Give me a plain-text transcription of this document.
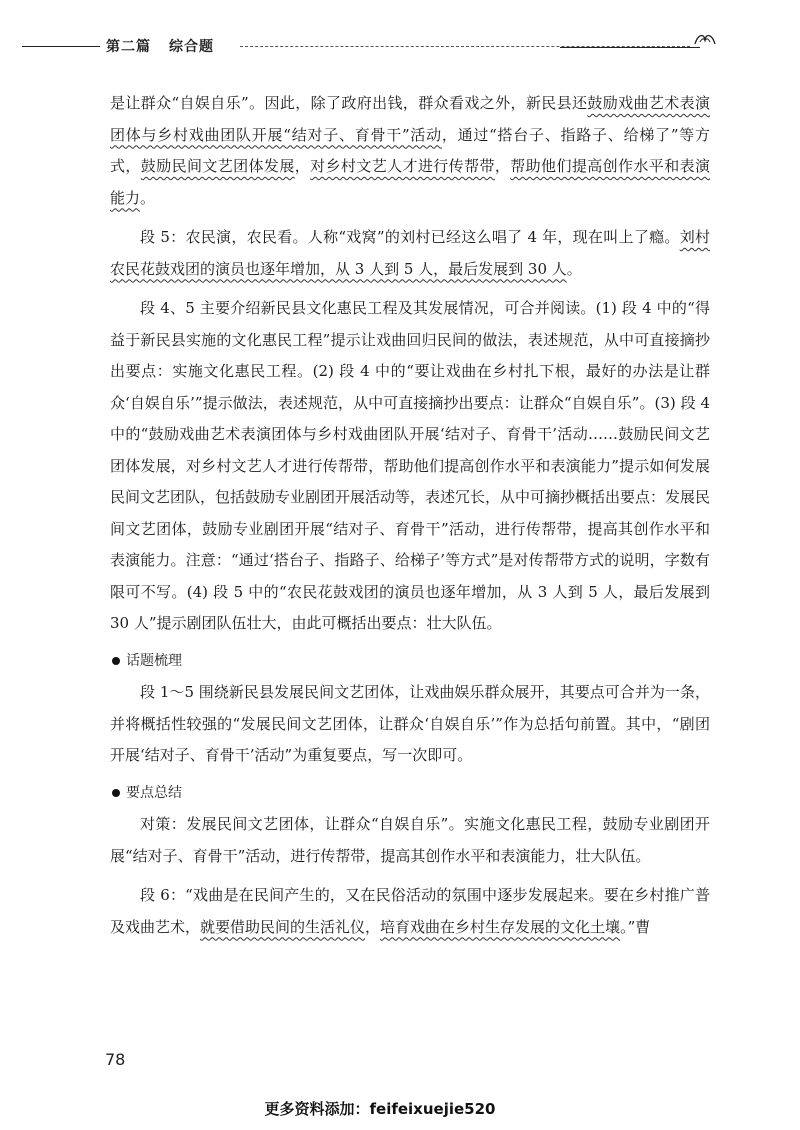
第二篇 综合题

是让群众“自娱自乐”。因此，除了政府出钱，群众看戏之外，新民县还鼓励戏曲艺术表演团体与乡村戏曲团队开展“结对子、育骨干”活动，通过“搭台子、指路子、给梯了”等方式，鼓励民间文艺团体发展，对乡村文艺人才进行传帮带，帮助他们提高创作水平和表演能力。

段 5：农民演，农民看。人称“戏窝”的刘村已经这么唱了 4 年，现在叫上了瘾。刘村农民花鼓戏团的演员也逐年增加，从 3 人到 5 人，最后发展到 30 人。

段 4、5 主要介绍新民县文化惠民工程及其发展情况，可合并阅读。(1) 段 4 中的“得益于新民县实施的文化惠民工程”提示让戏曲回归民间的做法，表述规范，从中可直接摘抄出要点：实施文化惠民工程。(2) 段 4 中的“要让戏曲在乡村扎下根，最好的办法是让群众‘自娱自乐’”提示做法，表述规范，从中可直接摘抄出要点：让群众“自娱自乐”。(3) 段 4 中的“鼓励戏曲艺术表演团体与乡村戏曲团队开展‘结对子、育骨干’活动……鼓励民间文艺团体发展，对乡村文艺人才进行传帮带，帮助他们提高创作水平和表演能力”提示如何发展民间文艺团队，包括鼓励专业剧团开展活动等，表述冗长，从中可摘抄概括出要点：发展民间文艺团体，鼓励专业剧团开展“结对子、育骨干”活动，进行传帮带，提高其创作水平和表演能力。注意：“通过‘搭台子、指路子、给梯子’等方式”是对传帮带方式的说明，字数有限可不写。(4) 段 5 中的“农民花鼓戏团的演员也逐年增加，从 3 人到 5 人，最后发展到 30 人”提示剧团队伍壮大，由此可概括出要点：壮大队伍。

话题梳理

段 1～5 围绕新民县发展民间文艺团体，让戏曲娱乐群众展开，其要点可合并为一条，并将概括性较强的“发展民间文艺团体，让群众‘自娱自乐’”作为总括句前置。其中，“剧团开展‘结对子、育骨干’活动”为重复要点，写一次即可。

要点总结

对策：发展民间文艺团体，让群众“自娱自乐”。实施文化惠民工程，鼓励专业剧团开展“结对子、育骨干”活动，进行传帮带，提高其创作水平和表演能力，壮大队伍。

段 6：“戏曲是在民间产生的，又在民俗活动的氛围中逐步发展起来。要在乡村推广普及戏曲艺术，就要借助民间的生活礼仪，培育戏曲在乡村生存发展的文化土壤。”曹

78
更多资料添加：feifeixuejie520
